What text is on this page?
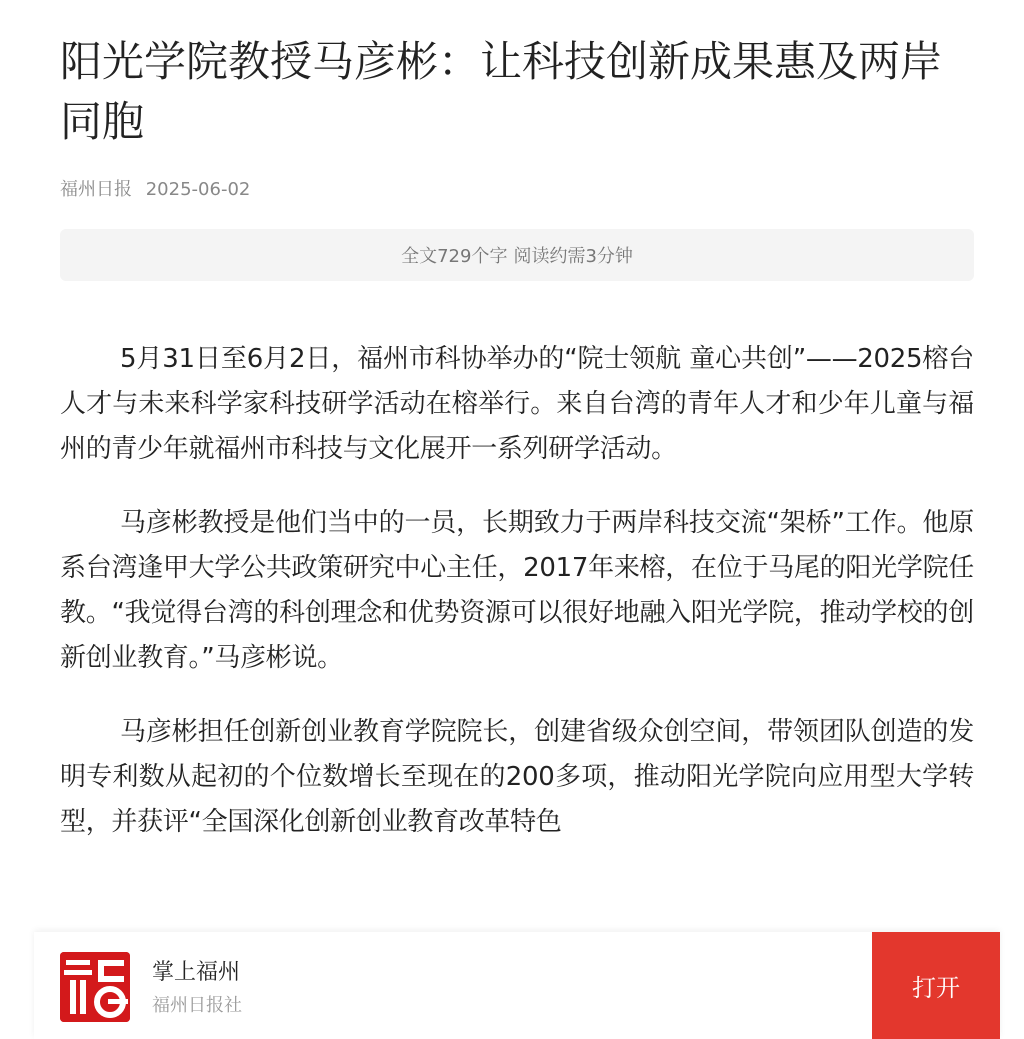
阳光学院教授马彦彬：让科技创新成果惠及两岸同胞
福州日报 2025-06-02
全文729个字 阅读约需3分钟

5月31日至6月2日，福州市科协举办的“院士领航 童心共创”——2025榕台人才与未来科学家科技研学活动在榕举行。来自台湾的青年人才和少年儿童与福州的青少年就福州市科技与文化展开一系列研学活动。

马彦彬教授是他们当中的一员，长期致力于两岸科技交流“架桥”工作。他原系台湾逢甲大学公共政策研究中心主任，2017年来榕，在位于马尾的阳光学院任教。“我觉得台湾的科创理念和优势资源可以很好地融入阳光学院，推动学校的创新创业教育。”马彦彬说。

马彦彬担任创新创业教育学院院长，创建省级众创空间，带领团队创造的发明专利数从起初的个位数增长至现在的200多项，推动阳光学院向应用型大学转型，并获评“全国深化创新创业教育改革特色

掌上福州
福州日报社
打开
